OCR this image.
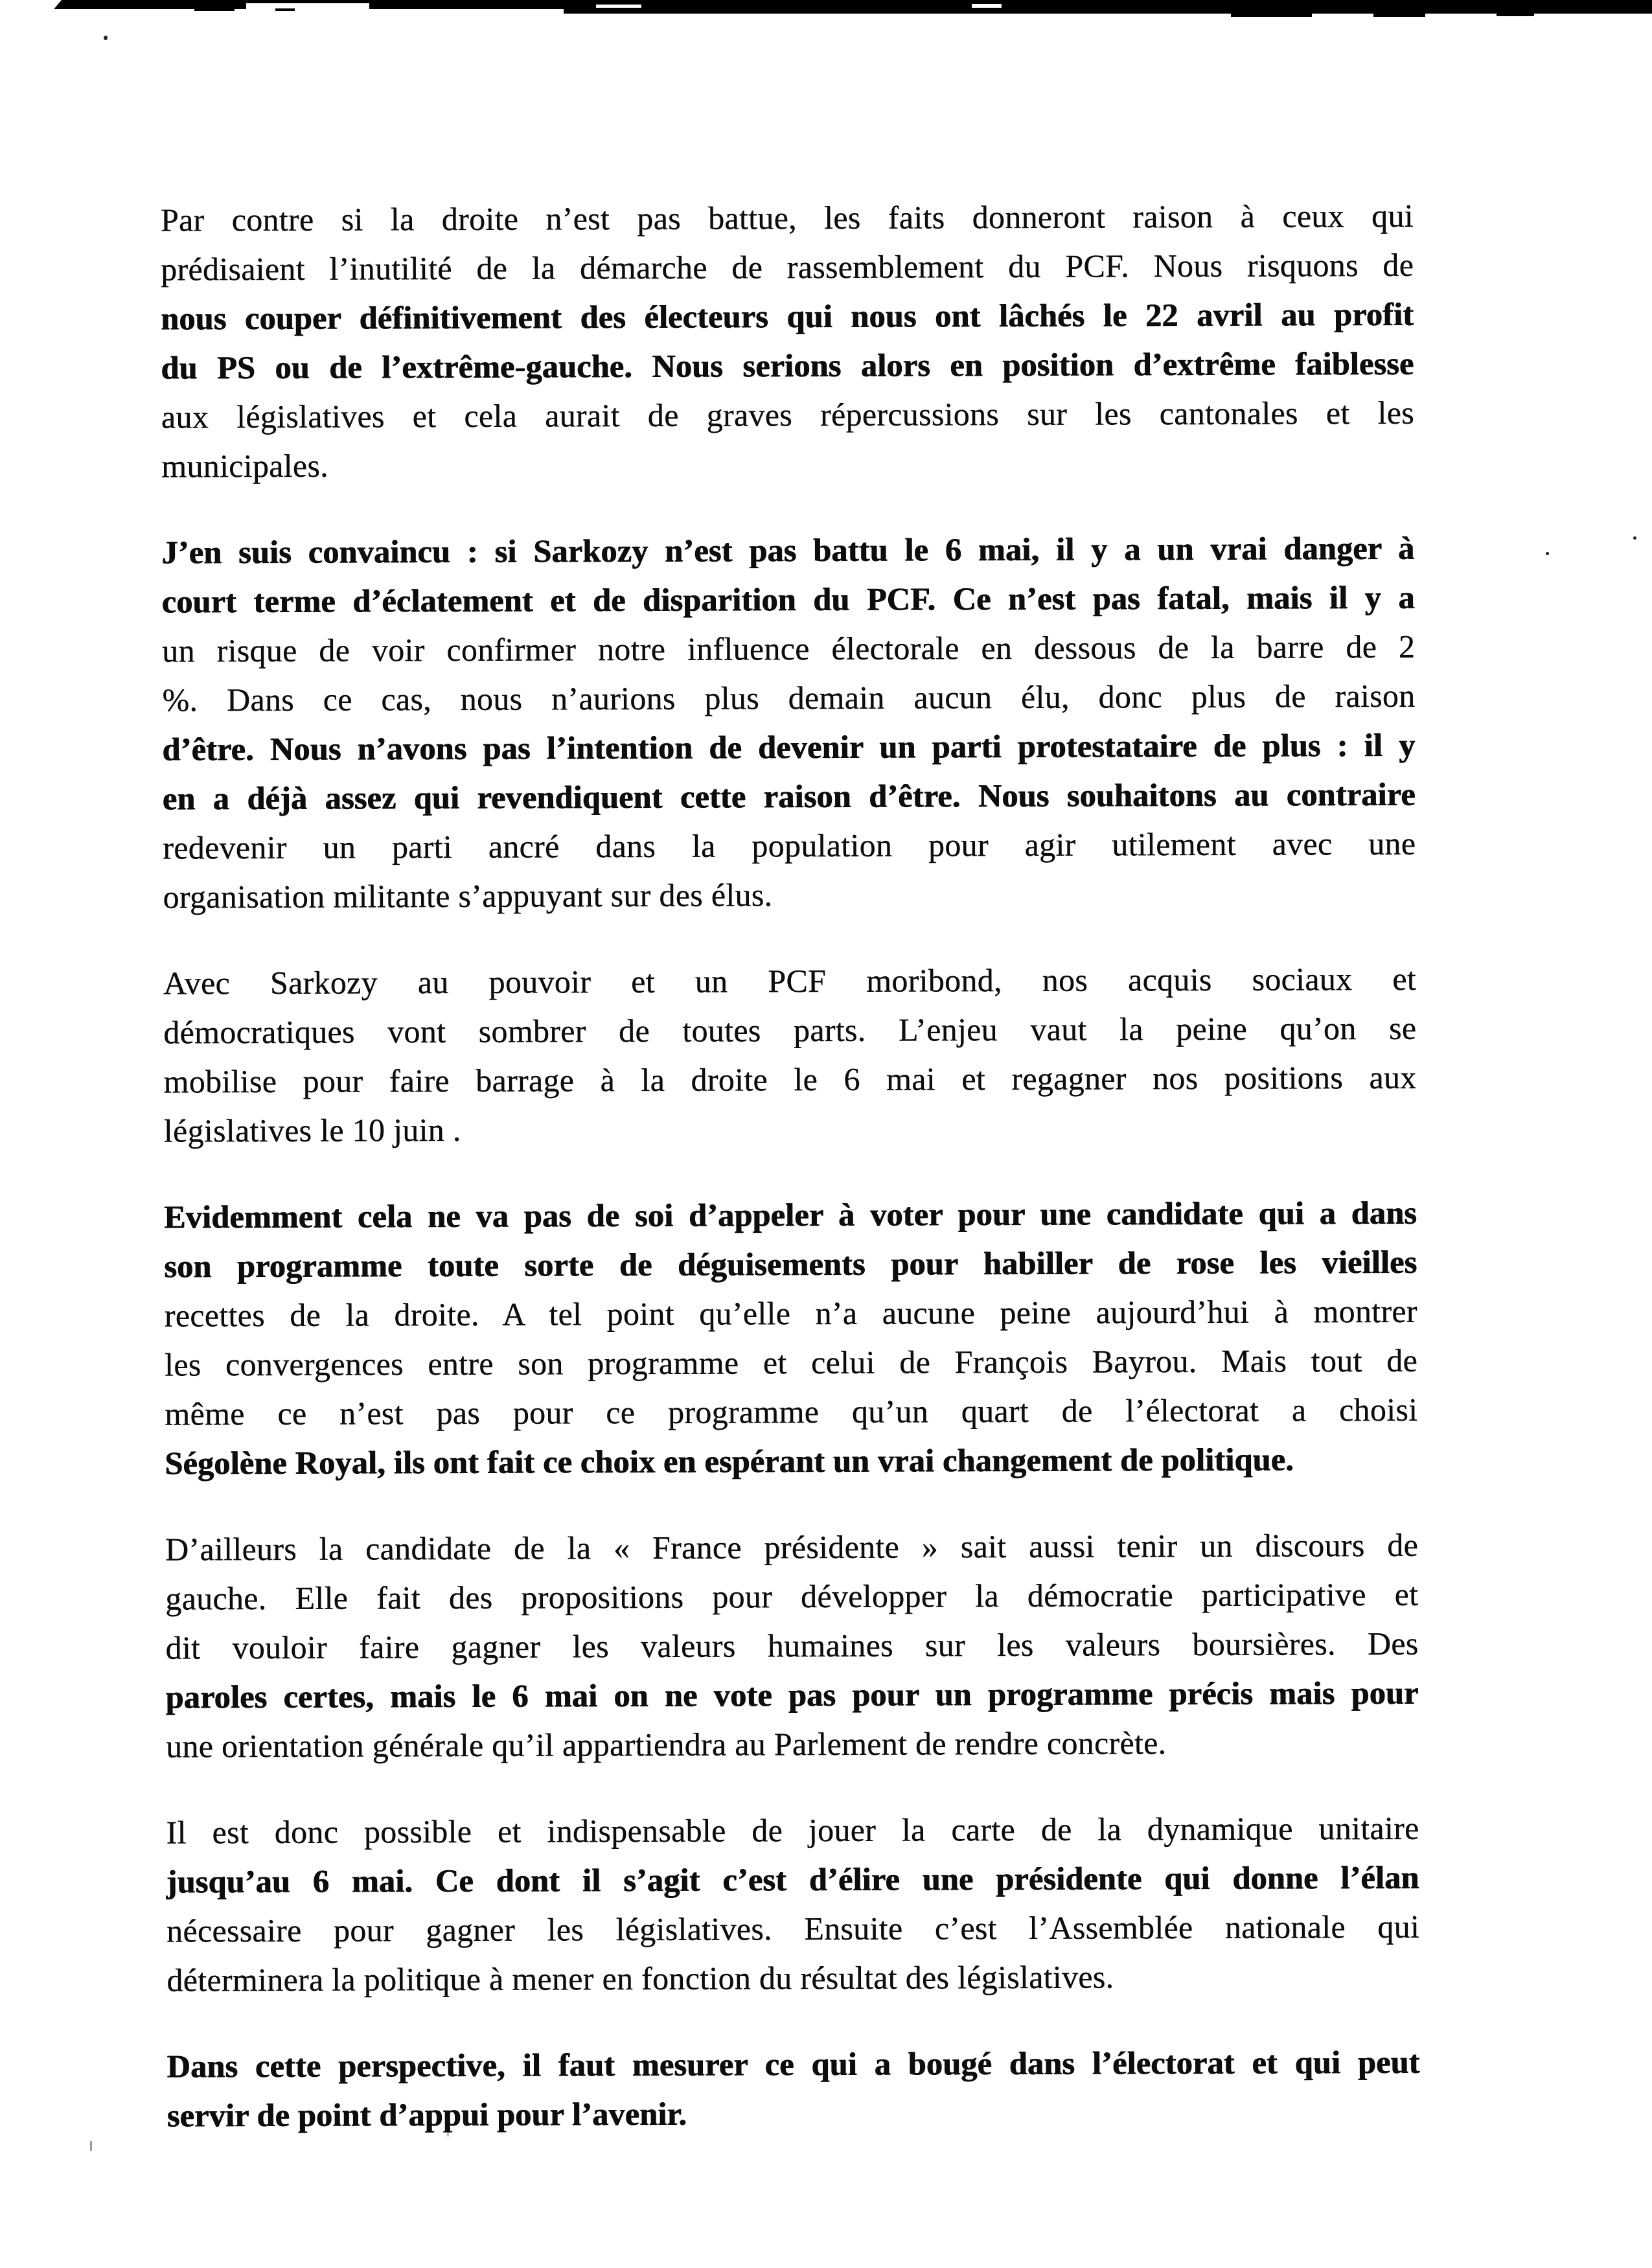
Par contre si la droite n’est pas battue, les faits donneront raison à ceux qui
prédisaient l’inutilité de la démarche de rassemblement du PCF. Nous risquons de
nous couper définitivement des électeurs qui nous ont lâchés le 22 avril au profit
du PS ou de l’extrême-gauche. Nous serions alors en position d’extrême faiblesse
aux législatives et cela aurait de graves répercussions sur les cantonales et les
municipales.
J’en suis convaincu : si Sarkozy n’est pas battu le 6 mai, il y a un vrai danger à
court terme d’éclatement et de disparition du PCF. Ce n’est pas fatal, mais il y a
un risque de voir confirmer notre influence électorale en dessous de la barre de 2
%. Dans ce cas, nous n’aurions plus demain aucun élu, donc plus de raison
d’être. Nous n’avons pas l’intention de devenir un parti protestataire de plus : il y
en a déjà assez qui revendiquent cette raison d’être. Nous souhaitons au contraire
redevenir un parti ancré dans la population pour agir utilement avec une
organisation militante s’appuyant sur des élus.
Avec Sarkozy au pouvoir et un PCF moribond, nos acquis sociaux et
démocratiques vont sombrer de toutes parts. L’enjeu vaut la peine qu’on se
mobilise pour faire barrage à la droite le 6 mai et regagner nos positions aux
législatives le 10 juin .
Evidemment cela ne va pas de soi d’appeler à voter pour une candidate qui a dans
son programme toute sorte de déguisements pour habiller de rose les vieilles
recettes de la droite. A tel point qu’elle n’a aucune peine aujourd’hui à montrer
les convergences entre son programme et celui de François Bayrou. Mais tout de
même ce n’est pas pour ce programme qu’un quart de l’électorat a choisi
Ségolène Royal, ils ont fait ce choix en espérant un vrai changement de politique.
D’ailleurs la candidate de la « France présidente » sait aussi tenir un discours de
gauche. Elle fait des propositions pour développer la démocratie participative et
dit vouloir faire gagner les valeurs humaines sur les valeurs boursières. Des
paroles certes, mais le 6 mai on ne vote pas pour un programme précis mais pour
une orientation générale qu’il appartiendra au Parlement de rendre concrète.
Il est donc possible et indispensable de jouer la carte de la dynamique unitaire
jusqu’au 6 mai. Ce dont il s’agit c’est d’élire une présidente qui donne l’élan
nécessaire pour gagner les législatives. Ensuite c’est l’Assemblée nationale qui
déterminera la politique à mener en fonction du résultat des législatives.
Dans cette perspective, il faut mesurer ce qui a bougé dans l’électorat et qui peut
servir de point d’appui pour l’avenir.
